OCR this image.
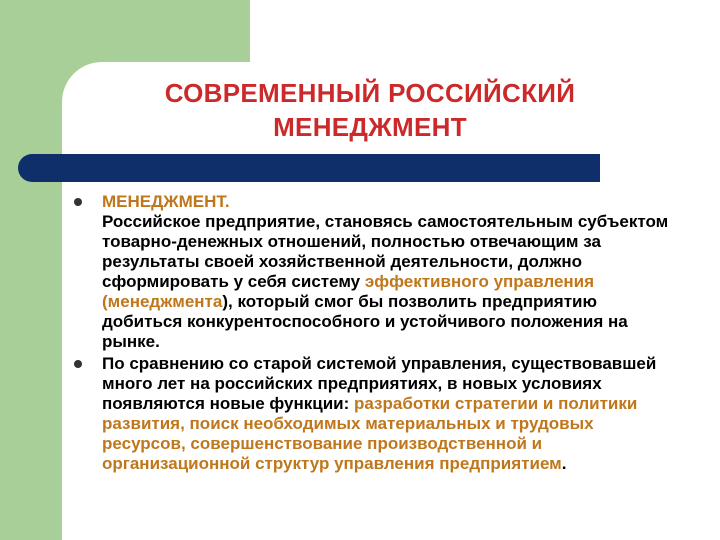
СОВРЕМЕННЫЙ РОССИЙСКИЙ
МЕНЕДЖМЕНТ
МЕНЕДЖМЕНТ.
Российское предприятие, становясь самостоятельным субъектом товарно-денежных отношений, полностью отвечающим за результаты своей хозяйственной деятельности, должно сформировать у себя систему эффективного управления (менеджмента), который смог бы позволить предприятию добиться конкурентоспособного и устойчивого положения на рынке.
По сравнению со старой системой управления, существовавшей много лет на российских предприятиях, в новых условиях появляются новые функции: разработки стратегии и политики развития, поиск необходимых материальных и трудовых ресурсов, совершенствование производственной и организационной структур управления предприятием.
